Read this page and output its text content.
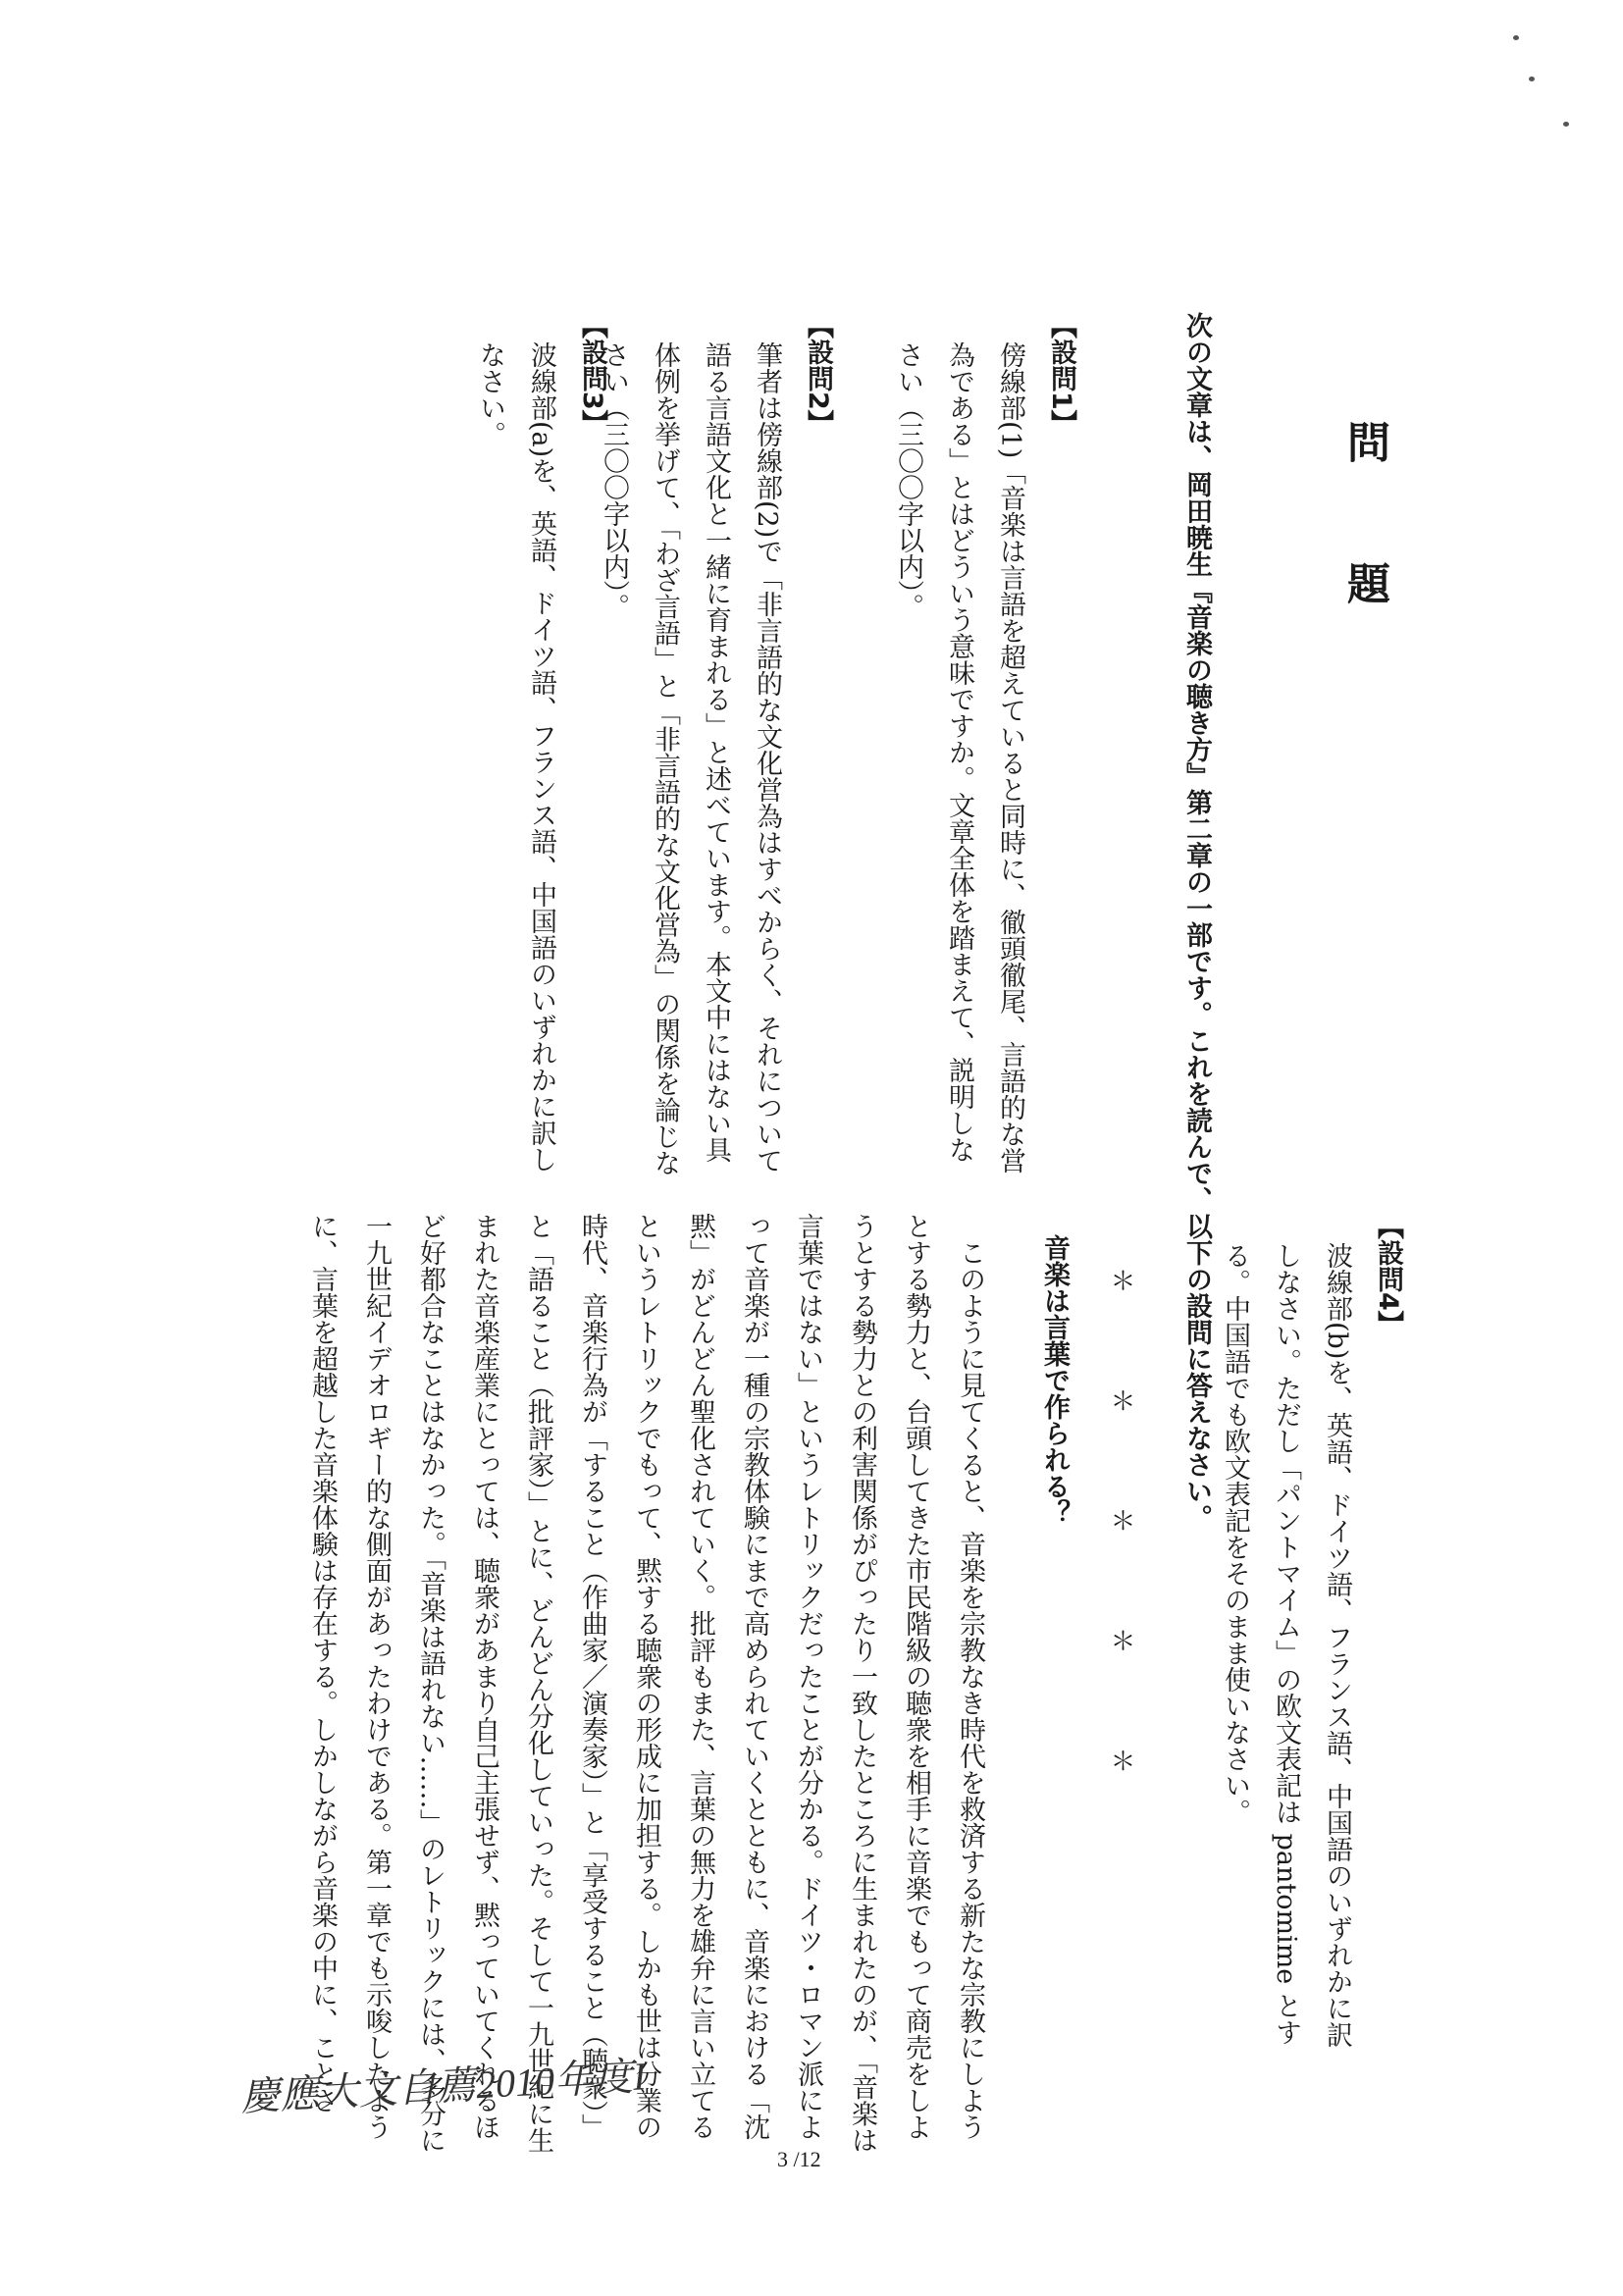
問題
次の文章は、岡田暁生『音楽の聴き方』第二章の一部です。これを読んで、以下の設問に答えなさい。
【設問1】
傍線部(1)「音楽は言語を超えていると同時に、徹頭徹尾、言語的な営為である」とはどういう意味ですか。文章全体を踏まえて、説明しなさい（三〇〇字以内）。
【設問2】
筆者は傍線部(2)で「非言語的な文化営為はすべからく、それについて語る言語文化と一緒に育まれる」と述べています。本文中にはない具体例を挙げて、「わざ言語」と「非言語的な文化営為」の関係を論じなさい（三〇〇字以内）。
【設問3】
波線部(a)を、英語、ドイツ語、フランス語、中国語のいずれかに訳しなさい。
【設問4】
波線部(b)を、英語、ドイツ語、フランス語、中国語のいずれかに訳しなさい。ただし「パントマイム」の欧文表記は pantomime とする。中国語でも欧文表記をそのまま使いなさい。
＊ ＊ ＊ ＊ ＊
音楽は言葉で作られる？

このように見てくると、音楽を宗教なき時代を救済する新たな宗教にしようとする勢力と、台頭してきた市民階級の聴衆を相手に音楽でもって商売をしようとする勢力との利害関係がぴったり一致したところに生まれたのが、「音楽は言葉ではない」というレトリックだったことが分かる。ドイツ・ロマン派によって音楽が一種の宗教体験にまで高められていくとともに、音楽における「沈黙」がどんどん聖化されていく。批評もまた、言葉の無力を雄弁に言い立てるというレトリックでもって、黙する聴衆の形成に加担する。しかも世は分業の時代、音楽行為が「すること（作曲家／演奏家）」と「享受すること（聴衆）」と「語ること（批評家）」とに、どんどん分化していった。そして一九世紀に生まれた音楽産業にとっては、聴衆があまり自己主張せず、黙っていてくれるほど好都合なことはなかった。「音楽は語れない……」のレトリックには、多分に一九世紀イデオロギー的な側面があったわけである。第一章でも示唆したように、言葉を超越した音楽体験は存在する。しかしながら音楽の中に、ことさ

3 /12
慶應大文自薦2010年度I
